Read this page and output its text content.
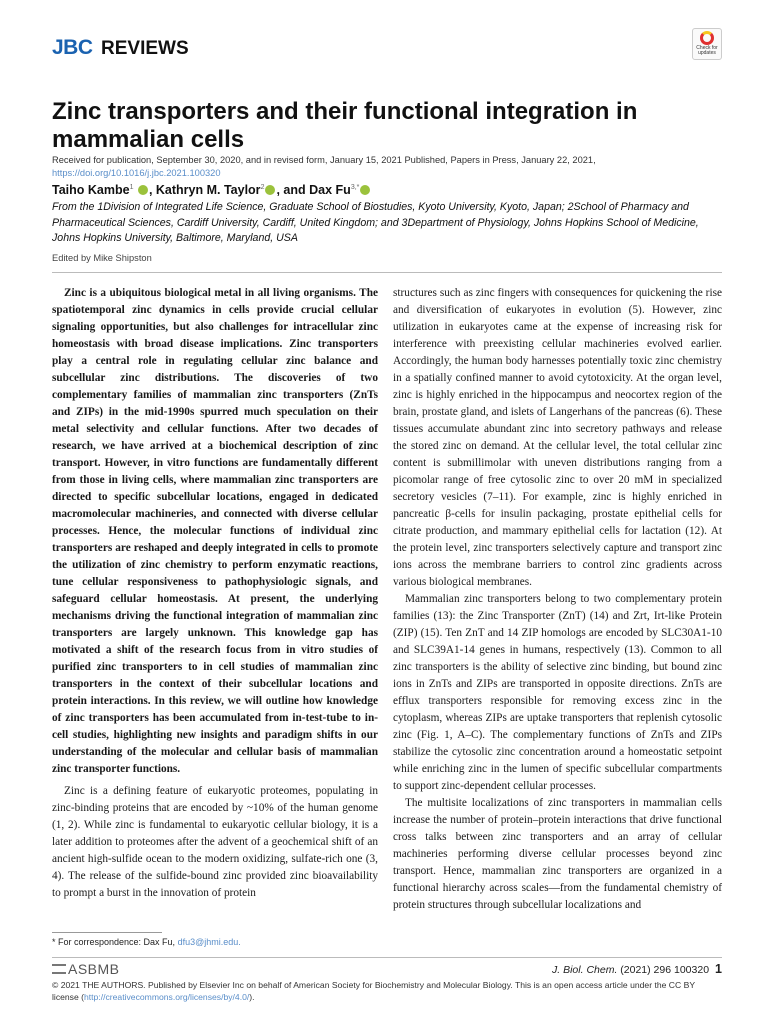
JBC REVIEWS	Check for updates
Zinc transporters and their functional integration in mammalian cells
Received for publication, September 30, 2020, and in revised form, January 15, 2021 Published, Papers in Press, January 22, 2021, https://doi.org/10.1016/j.jbc.2021.100320
Taiho Kambe$^1$ , Kathryn M. Taylor$^2$ , and Dax $Fu^{3,*}$

From the 1Division of Integrated Life Science, Graduate School of Biostudies, Kyoto University, Kyoto, Japan; 2School of Pharmacy and Pharmaceutical Sciences, Cardiff University, Cardiff, United Kingdom; and 3Department of Physiology, Johns Hopkins School of Medicine, Johns Hopkins University, Baltimore, Maryland, USA

Edited by Mike Shipston

Zinc is a ubiquitous biological metal in all living organisms. The spatiotemporal zinc dynamics in cells provide crucial cellular signaling opportunities, but also challenges for intracellular zinc homeostasis with broad disease implications. Zinc transporters play a central role in regulating cellular zinc balance and subcellular zinc distributions. The discoveries of two complementary families of mammalian zinc transporters (ZnTs and ZIPs) in the mid-1990s spurred much speculation on their metal selectivity and cellular functions. After two decades of research, we have arrived at a biochemical description of zinc transport. However, in vitro functions are fundamentally different from those in living cells, where mammalian zinc transporters are directed to specific subcellular locations, engaged in dedicated macromolecular machineries, and connected with diverse cellular processes. Hence, the molecular functions of individual zinc transporters are reshaped and deeply integrated in cells to promote the utilization of zinc chemistry to perform enzymatic reactions, tune cellular responsiveness to pathophysiologic signals, and safeguard cellular homeostasis. At present, the underlying mechanisms driving the functional integration of mammalian zinc transporters are largely unknown. This knowledge gap has motivated a shift of the research focus from in vitro studies of purified zinc transporters to in cell studies of mammalian zinc transporters in the context of their subcellular locations and protein interactions. In this review, we will outline how knowledge of zinc transporters has been accumulated from in-test-tube to in-cell studies, highlighting new insights and paradigm shifts in our understanding of the molecular and cellular basis of mammalian zinc transporter functions.

Zinc is a defining feature of eukaryotic proteomes, populating in zinc-binding proteins that are encoded by ~10% of the human genome (1, 2). While zinc is fundamental to eukaryotic cellular biology, it is a later addition to proteomes after the advent of a geochemical shift of an ancient high-sulfide ocean to the modern oxidizing, sulfate-rich one (3, 4). The release of the sulfide-bound zinc provided zinc bioavailability to prompt a burst in the innovation of protein

structures such as zinc fingers with consequences for quickening the rise and diversification of eukaryotes in evolution (5). However, zinc utilization in eukaryotes came at the expense of increasing risk for interference with preexisting cellular machineries evolved earlier. Accordingly, the human body harnesses potentially toxic zinc chemistry in a spatially confined manner to avoid cytotoxicity. At the organ level, zinc is highly enriched in the hippocampus and neocortex region of the brain, prostate gland, and islets of Langerhans of the pancreas (6). These tissues accumulate abundant zinc into secretory pathways and release the stored zinc on demand. At the cellular level, the total cellular zinc content is submillimolar with uneven distributions ranging from a picomolar range of free cytosolic zinc to over 20 mM in specialized secretory vesicles (7–11). For example, zinc is highly enriched in pancreatic β-cells for insulin packaging, prostate epithelial cells for citrate production, and mammary epithelial cells for lactation (12). At the protein level, zinc transporters selectively capture and transport zinc ions across the membrane barriers to control zinc gradients across various biological membranes.

Mammalian zinc transporters belong to two complementary protein families (13): the Zinc Transporter (ZnT) (14) and Zrt, Irt-like Protein (ZIP) (15). Ten ZnT and 14 ZIP homologs are encoded by SLC30A1-10 and SLC39A1-14 genes in humans, respectively (13). Common to all zinc transporters is the ability of selective zinc binding, but bound zinc ions in ZnTs and ZIPs are transported in opposite directions. ZnTs are efflux transporters responsible for removing excess zinc in the cytoplasm, whereas ZIPs are uptake transporters that replenish cytosolic zinc (Fig. 1, A–C). The complementary functions of ZnTs and ZIPs stabilize the cytosolic zinc concentration around a homeostatic setpoint while enriching zinc in the lumen of specific subcellular compartments to support zinc-dependent cellular processes.

The multisite localizations of zinc transporters in mammalian cells increase the number of protein–protein interactions that drive functional cross talks between zinc transporters and an array of cellular machineries performing diverse cellular processes beyond zinc transport. Hence, mammalian zinc transporters are organized in a functional hierarchy across scales—from the fundamental chemistry of protein structures through subcellular localizations and

* For correspondence: Dax Fu, dfu3@jhmi.edu.
ASBMB	J. Biol. Chem. (2021) 296 100320 1
© 2021 THE AUTHORS. Published by Elsevier Inc on behalf of American Society for Biochemistry and Molecular Biology. This is an open access article under the CC BY license (http://creativecommons.org/licenses/by/4.0/).
